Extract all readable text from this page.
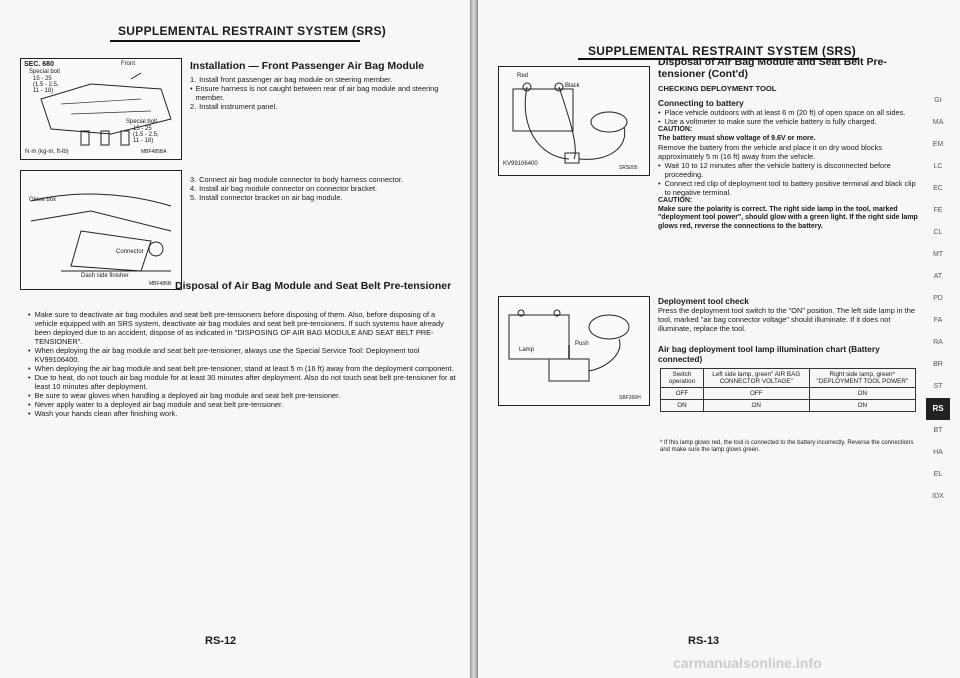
SUPPLEMENTAL RESTRAINT SYSTEM (SRS)
SEC. 680	Front
Special bolt
15 - 25
(1.5 - 2.5,
11 - 18)
Special bolt
15 - 25
(1.5 - 2.5,
11 - 18)
N·m (kg-m, ft-lb)	MBF485BA
Glove box
Connector
Dash side finisher
MBF486B
Installation — Front Passenger Air Bag Module
1. Install front passenger air bag module on steering member.
• Ensure harness is not caught between rear of air bag module and steering member.
2. Install instrument panel.
3. Connect air bag module connector to body harness connector.
4. Install air bag module connector on connector bracket.
5. Install connector bracket on air bag module.
Disposal of Air Bag Module and Seat Belt Pre-tensioner
• Make sure to deactivate air bag modules and seat belt pre-tensioners before disposing of them. Also, before disposing of a vehicle equipped with an SRS system, deactivate air bag modules and seat belt pre-tensioners. If such systems have already been deployed due to an accident, dispose of as indicated in "DISPOSING OF AIR BAG MODULE AND SEAT BELT PRE-TENSIONER".
• When deploying the air bag module and seat belt pre-tensioner, always use the Special Service Tool: Deployment tool KV99106400.
• When deploying the air bag module and seat belt pre-tensioner, stand at least 5 m (16 ft) away from the deployment component.
• Due to heat, do not touch air bag module for at least 30 minutes after deployment. Also do not touch seat belt pre-tensioner for at least 10 minutes after deployment.
• Be sure to wear gloves when handling a deployed air bag module and seat belt pre-tensioner.
• Never apply water to a deployed air bag module and seat belt pre-tensioner.
• Wash your hands clean after finishing work.
RS-12
SUPPLEMENTAL RESTRAINT SYSTEM (SRS)
Red
Black
KV99106400
SRS005
Lamp
Push
SBF266H
Disposal of Air Bag Module and Seat Belt Pre-tensioner (Cont'd)
CHECKING DEPLOYMENT TOOL
Connecting to battery
• Place vehicle outdoors with at least 6 m (20 ft) of open space on all sides.
• Use a voltmeter to make sure the vehicle battery is fully charged.
CAUTION:
The battery must show voltage of 9.6V or more.

Remove the battery from the vehicle and place it on dry wood blocks approximately 5 m (16 ft) away from the vehicle.

• Wait 10 to 12 minutes after the vehicle battery is disconnected before proceeding.
• Connect red clip of deployment tool to battery positive terminal and black clip to negative terminal.
CAUTION:
Make sure the polarity is correct. The right side lamp in the tool, marked "deployment tool power", should glow with a green light. If the right side lamp glows red, reverse the connections to the battery.
Deployment tool check

Press the deployment tool switch to the "ON" position. The left side lamp in the tool, marked "air bag connector voltage" should illuminate. If it does not illuminate, replace the tool.

Air bag deployment tool lamp illumination chart (Battery connected)
Switch operation	Left side lamp, green" AIR BAG CONNECTOR VOLTAGE"	Right side lamp, green* "DEPLOYMENT TOOL POWER"
OFF	OFF	ON
ON	ON	ON
* If this lamp glows red, the tool is connected to the battery incorrectly. Reverse the connections and make sure the lamp glows green.
GI
MA
EM
LC
EC
FE
CL
MT
AT
PD
FA
RA
BR
ST
RS
BT
HA
EL
IDX
RS-13
carmanualsonline.info
